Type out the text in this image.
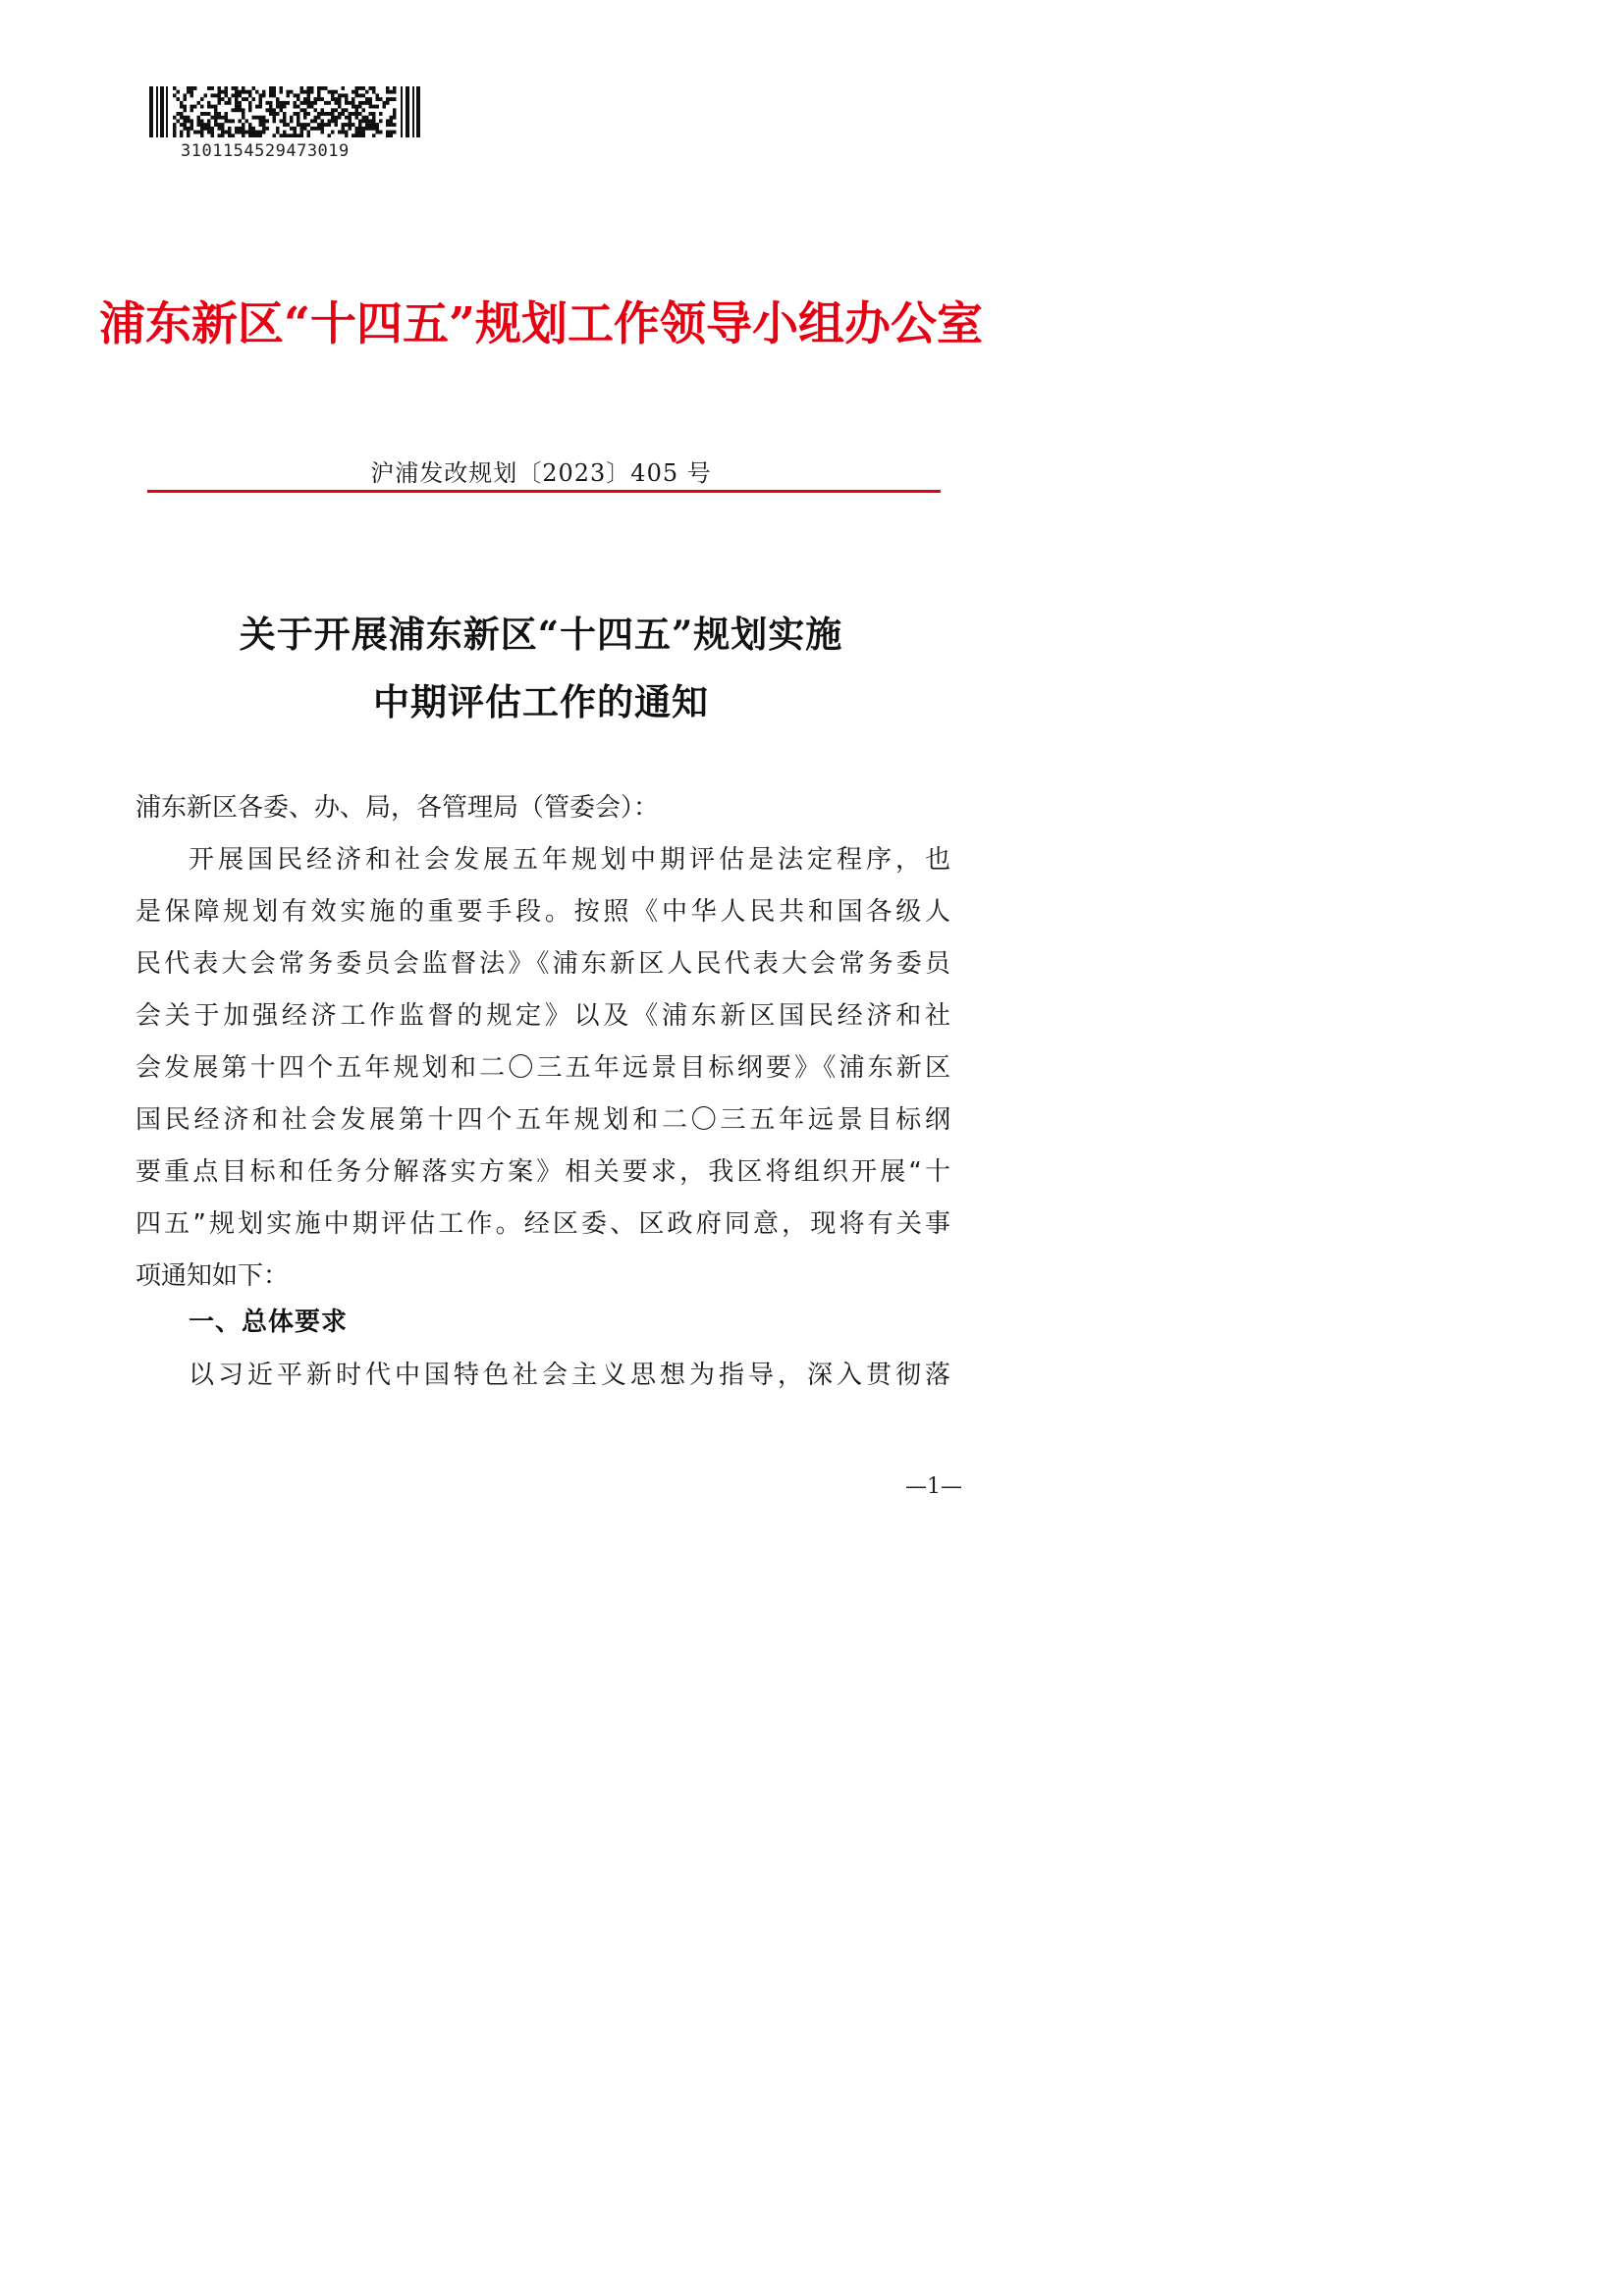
3101154529473019
浦东新区“十四五”规划工作领导小组办公室
沪浦发改规划〔2023〕405 号
关于开展浦东新区“十四五”规划实施
中期评估工作的通知
浦东新区各委、办、局，各管理局（管委会）：
开展国民经济和社会发展五年规划中期评估是法定程序，也
是保障规划有效实施的重要手段。按照《中华人民共和国各级人
民代表大会常务委员会监督法》《浦东新区人民代表大会常务委员
会关于加强经济工作监督的规定》以及《浦东新区国民经济和社
会发展第十四个五年规划和二〇三五年远景目标纲要》《浦东新区
国民经济和社会发展第十四个五年规划和二〇三五年远景目标纲
要重点目标和任务分解落实方案》相关要求，我区将组织开展“十
四五”规划实施中期评估工作。经区委、区政府同意，现将有关事
项通知如下：
一、总体要求
以习近平新时代中国特色社会主义思想为指导，深入贯彻落
—1—
